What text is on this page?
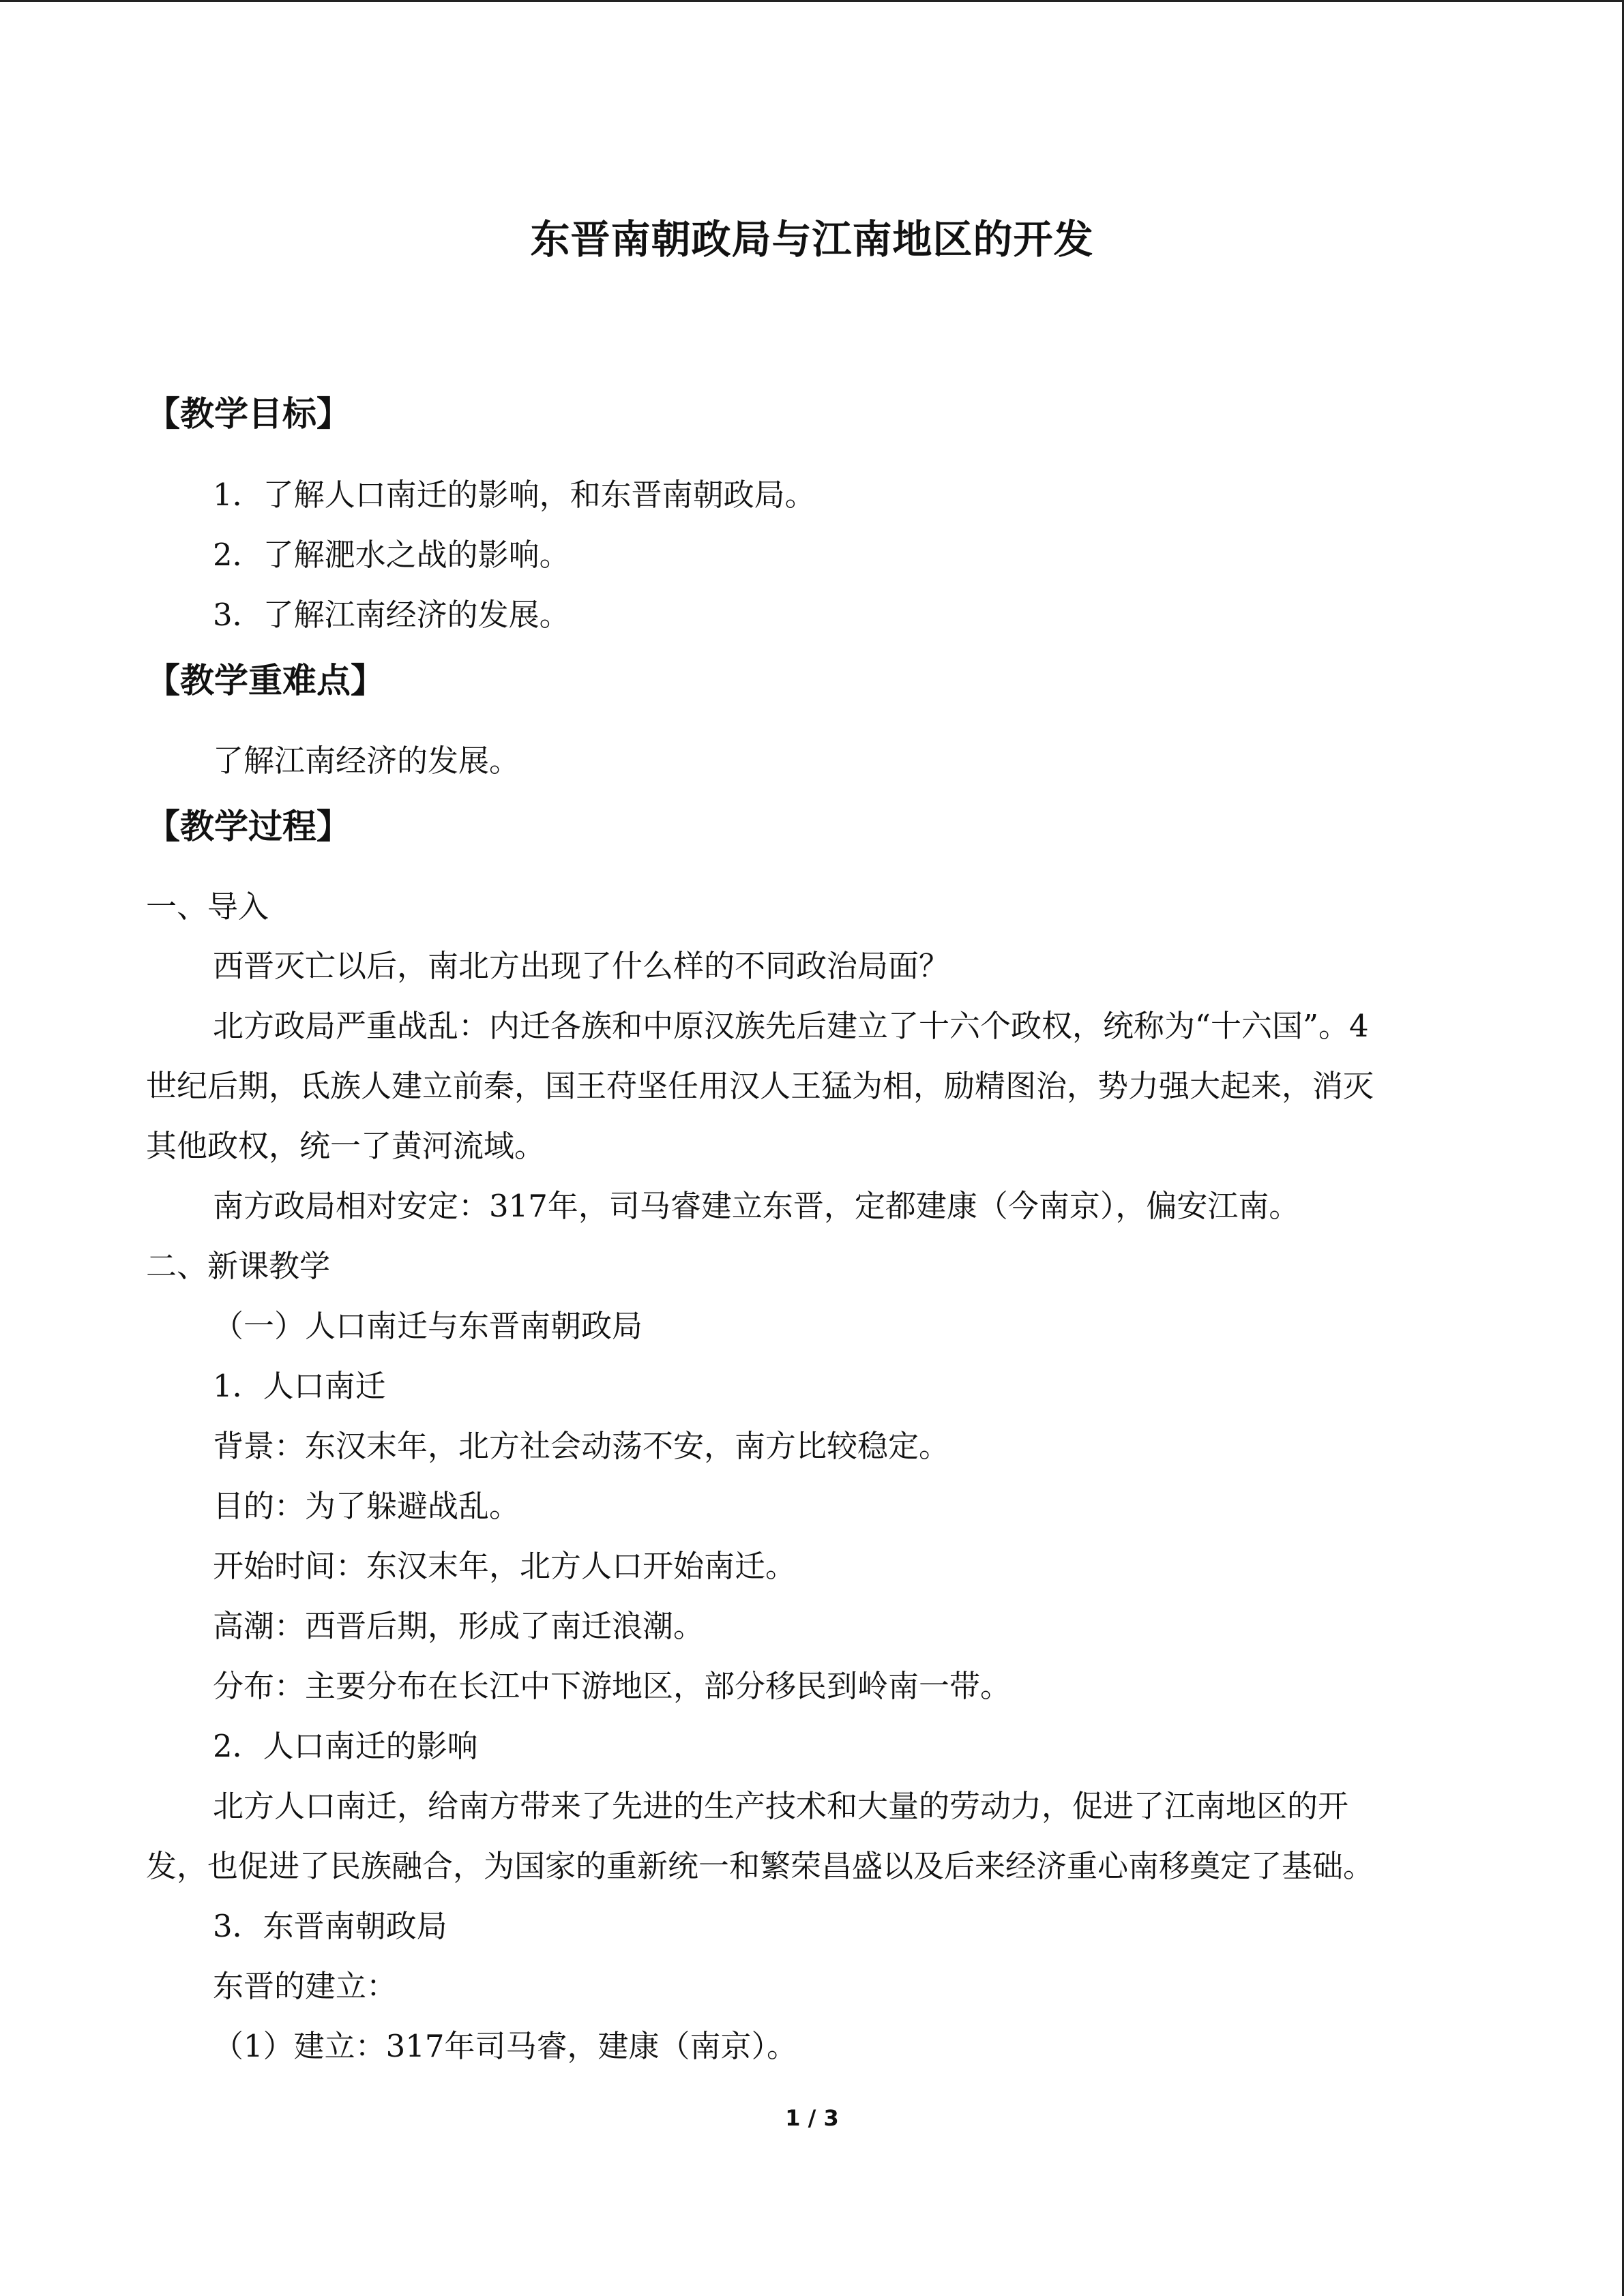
东晋南朝政局与江南地区的开发
【教学目标】
1．了解人口南迁的影响，和东晋南朝政局。
2．了解淝水之战的影响。
3．了解江南经济的发展。
【教学重难点】
了解江南经济的发展。
【教学过程】
一、导入
西晋灭亡以后，南北方出现了什么样的不同政治局面？
北方政局严重战乱：内迁各族和中原汉族先后建立了十六个政权，统称为“十六国”。4
世纪后期，氐族人建立前秦，国王苻坚任用汉人王猛为相，励精图治，势力强大起来，消灭
其他政权，统一了黄河流域。
南方政局相对安定：317年，司马睿建立东晋，定都建康（今南京），偏安江南。
二、新课教学
（一）人口南迁与东晋南朝政局
1．人口南迁
背景：东汉末年，北方社会动荡不安，南方比较稳定。
目的：为了躲避战乱。
开始时间：东汉末年，北方人口开始南迁。
高潮：西晋后期，形成了南迁浪潮。
分布：主要分布在长江中下游地区，部分移民到岭南一带。
2．人口南迁的影响
北方人口南迁，给南方带来了先进的生产技术和大量的劳动力，促进了江南地区的开
发，也促进了民族融合，为国家的重新统一和繁荣昌盛以及后来经济重心南移奠定了基础。
3．东晋南朝政局
东晋的建立：
（1）建立：317年司马睿，建康（南京）。
1 / 3
